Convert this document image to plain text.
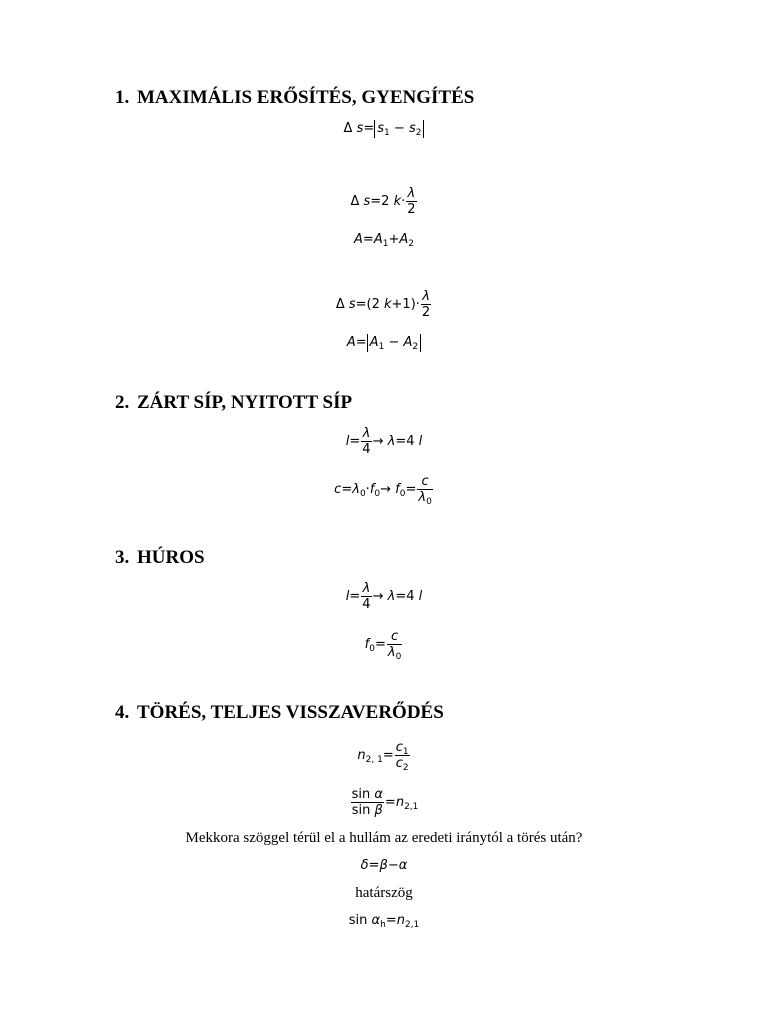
1. MAXIMÁLIS ERŐSÍTÉS, GYENGÍTÉS
Δ $s= s_1 - s_2$
Δ s=2 $k\cdot \frac{\lambda}{2}$
$A=A_1+A_2$
Δ s=(2 $k+1)\cdot \frac{\lambda}{2}$
$A= A_1 - A_2$
2. ZÁRT SÍP, NYITOTT SÍP
$l= \frac{\lambda}{4} \to \lambda=4$ l
$c=\lambda_0\cdot f_0\to f_0= \frac{c}{\lambda_0}$
3. HÚROS
$l= \frac{\lambda}{4} \to \lambda=4$ l
$f_0= \frac{c}{\lambda_0}$
4. TÖRÉS, TELJES VISSZAVERŐDÉS
$n_{2, 1}= \frac{c_1}{c_2}$
$\frac{\text{sin α}}{\text{sin β}} =n_{2,1}$
Mekkora szöggel térül el a hullám az eredeti iránytól a törés után?
δ=β−α
határszög
$\sin \alpha_h=n_{2,1}$
